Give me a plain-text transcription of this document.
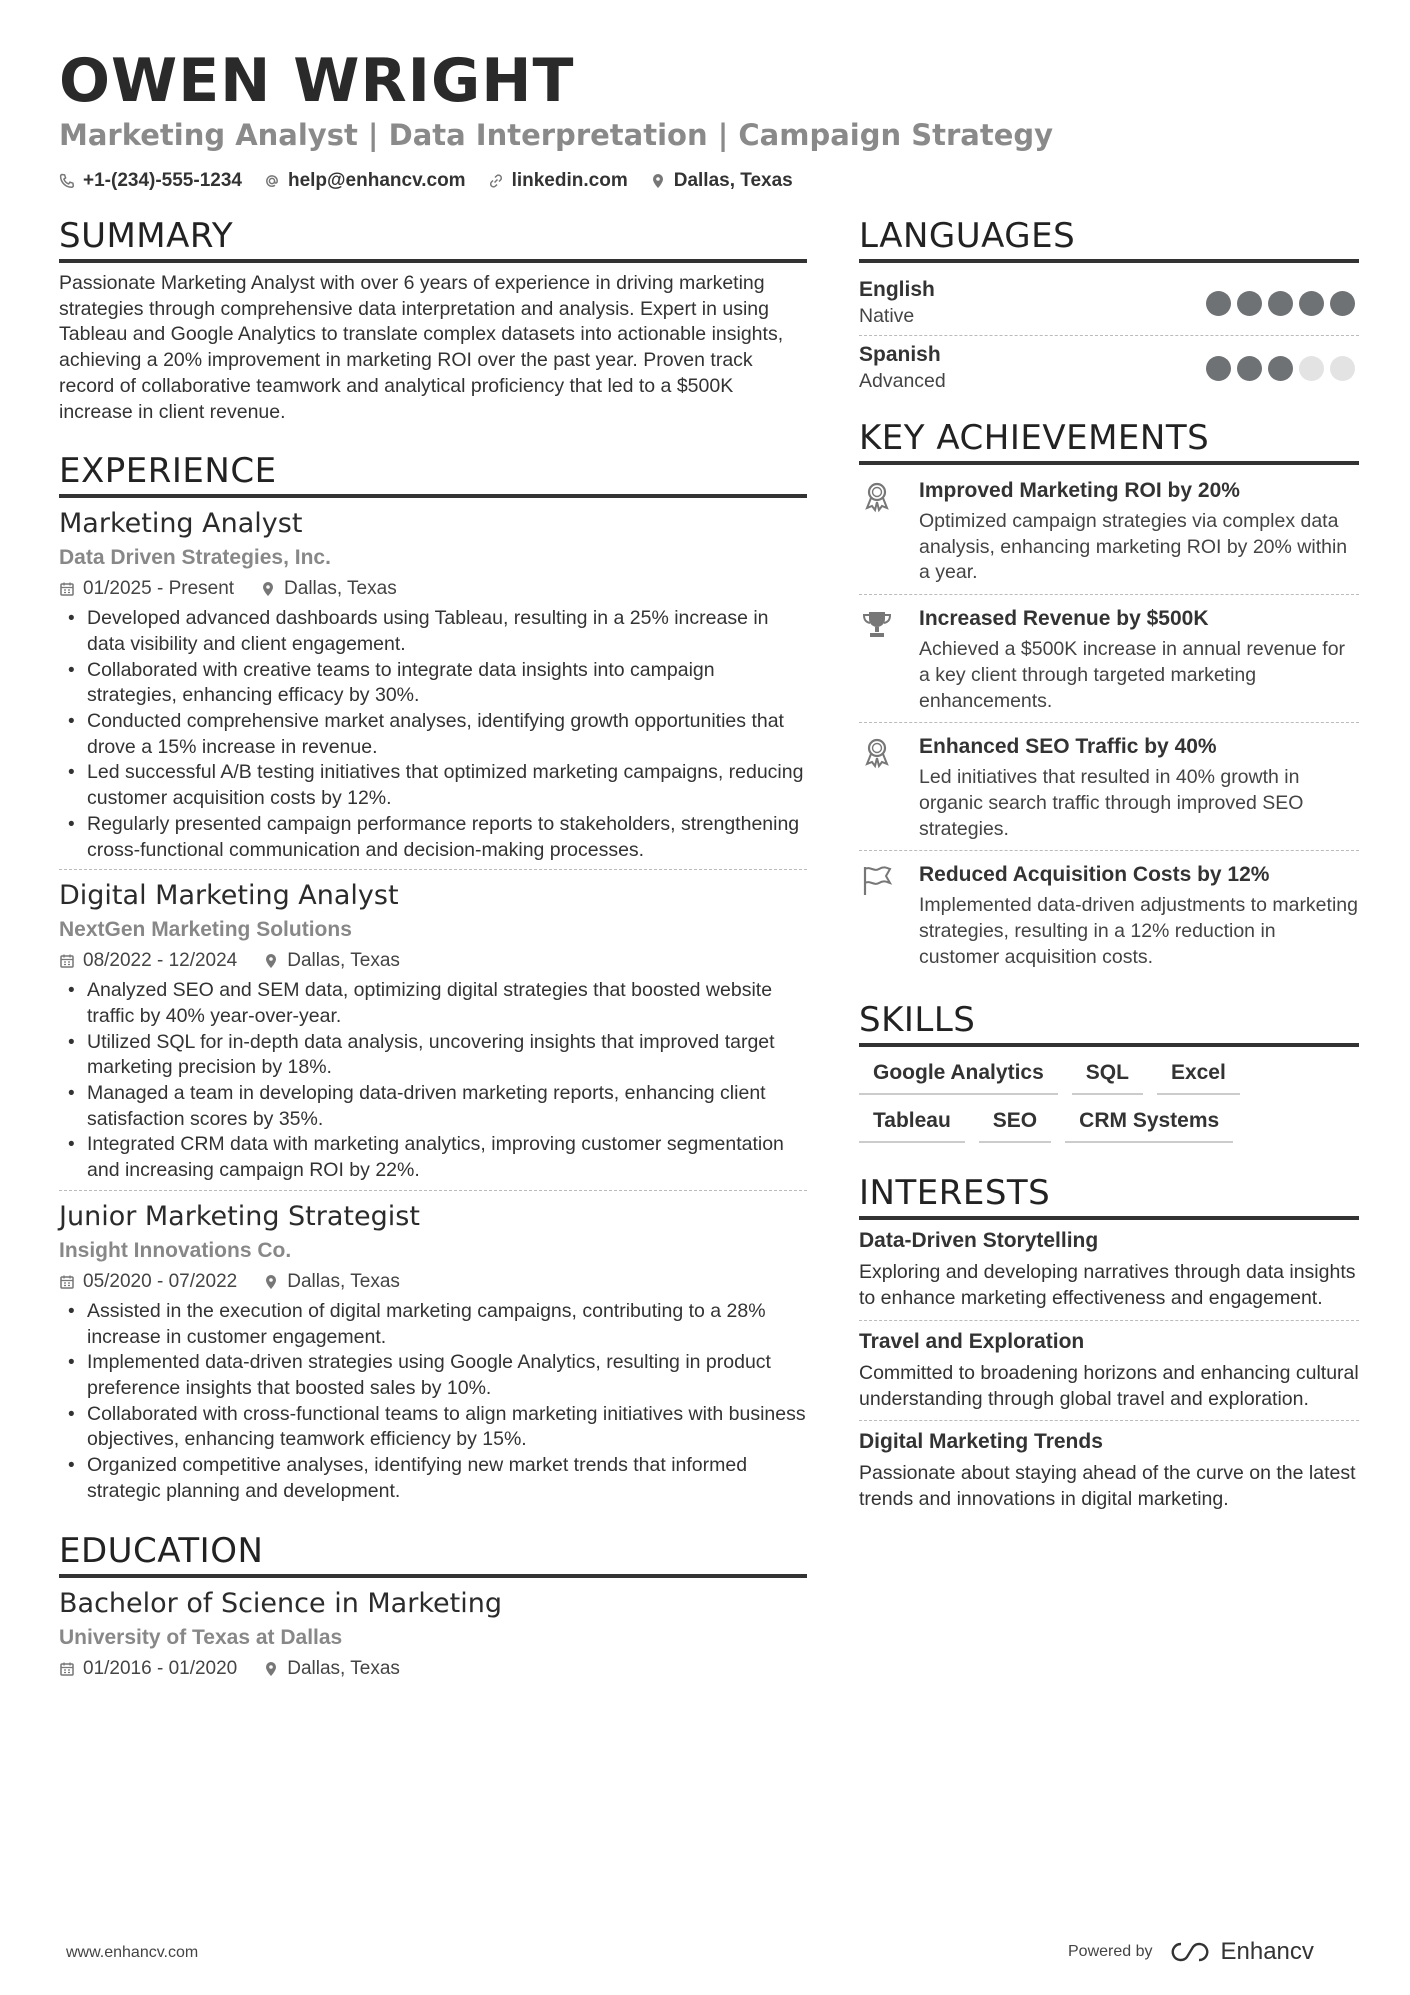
OWEN WRIGHT
Marketing Analyst | Data Interpretation | Campaign Strategy
+1-(234)-555-1234 help@enhancv.com linkedin.com Dallas, Texas
SUMMARY

Passionate Marketing Analyst with over 6 years of experience in driving marketing strategies through comprehensive data interpretation and analysis. Expert in using Tableau and Google Analytics to translate complex datasets into actionable insights, achieving a 20% improvement in marketing ROI over the past year. Proven track record of collaborative teamwork and analytical proficiency that led to a $500K increase in client revenue.

EXPERIENCE
Marketing Analyst
Data Driven Strategies, Inc.
01/2025 - Present	Dallas, Texas
• Developed advanced dashboards using Tableau, resulting in a 25% increase in data visibility and client engagement.
• Collaborated with creative teams to integrate data insights into campaign strategies, enhancing efficacy by 30%.
• Conducted comprehensive market analyses, identifying growth opportunities that drove a 15% increase in revenue.
• Led successful A/B testing initiatives that optimized marketing campaigns, reducing customer acquisition costs by 12%.
• Regularly presented campaign performance reports to stakeholders, strengthening cross-functional communication and decision-making processes.
Digital Marketing Analyst
NextGen Marketing Solutions
08/2022 - 12/2024	Dallas, Texas
• Analyzed SEO and SEM data, optimizing digital strategies that boosted website traffic by 40% year-over-year.
• Utilized SQL for in-depth data analysis, uncovering insights that improved target marketing precision by 18%.
• Managed a team in developing data-driven marketing reports, enhancing client satisfaction scores by 35%.
• Integrated CRM data with marketing analytics, improving customer segmentation and increasing campaign ROI by 22%.
Junior Marketing Strategist
Insight Innovations Co.
05/2020 - 07/2022	Dallas, Texas
• Assisted in the execution of digital marketing campaigns, contributing to a 28% increase in customer engagement.
• Implemented data-driven strategies using Google Analytics, resulting in product preference insights that boosted sales by 10%.
• Collaborated with cross-functional teams to align marketing initiatives with business objectives, enhancing teamwork efficiency by 15%.
• Organized competitive analyses, identifying new market trends that informed strategic planning and development.
EDUCATION
Bachelor of Science in Marketing
University of Texas at Dallas
01/2016 - 01/2020	Dallas, Texas
LANGUAGES
English
Native
Spanish
Advanced
KEY ACHIEVEMENTS
Improved Marketing ROI by 20%
Optimized campaign strategies via complex data analysis, enhancing marketing ROI by 20% within a year.
Increased Revenue by $500K
Achieved a $500K increase in annual revenue for a key client through targeted marketing enhancements.
Enhanced SEO Traffic by 40%
Led initiatives that resulted in 40% growth in organic search traffic through improved SEO strategies.
Reduced Acquisition Costs by 12%
Implemented data-driven adjustments to marketing strategies, resulting in a 12% reduction in customer acquisition costs.
SKILLS
Google Analytics	SQL	Excel
Tableau	SEO	CRM Systems
INTERESTS
Data-Driven Storytelling
Exploring and developing narratives through data insights to enhance marketing effectiveness and engagement.
Travel and Exploration
Committed to broadening horizons and enhancing cultural understanding through global travel and exploration.
Digital Marketing Trends
Passionate about staying ahead of the curve on the latest trends and innovations in digital marketing.
www.enhancv.com	Powered by	Enhancv
